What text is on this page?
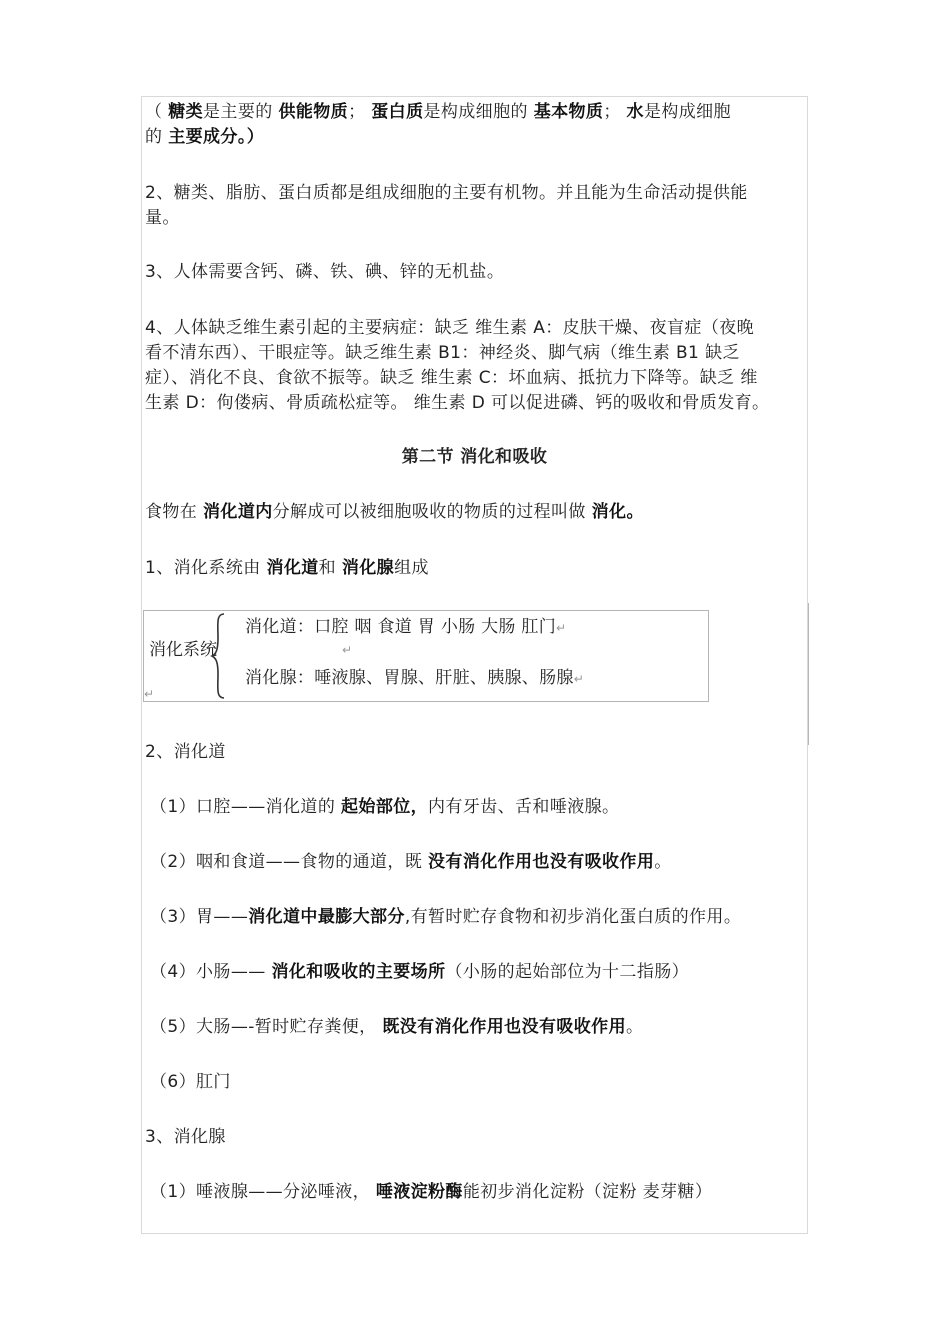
（ 糖类是主要的 供能物质； 蛋白质是构成细胞的 基本物质； 水是构成细胞
的 主要成分。）
2、糖类、脂肪、蛋白质都是组成细胞的主要有机物。并且能为生命活动提供能
量。
3、人体需要含钙、磷、铁、碘、锌的无机盐。
4、人体缺乏维生素引起的主要病症：缺乏 维生素 A：皮肤干燥、夜盲症（夜晚
看不清东西）、干眼症等。缺乏维生素 B1：神经炎、脚气病（维生素 B1 缺乏
症）、消化不良、食欲不振等。缺乏 维生素 C：坏血病、抵抗力下降等。缺乏 维
生素 D：佝偻病、骨质疏松症等。 维生素 D 可以促进磷、钙的吸收和骨质发育。
第二节 消化和吸收
食物在 消化道内分解成可以被细胞吸收的物质的过程叫做 消化。
1、消化系统由 消化道和 消化腺组成
消化系统
消化道：口腔 咽 食道 胃 小肠 大肠 肛门↵
↵
消化腺：唾液腺、胃腺、肝脏、胰腺、肠腺↵
↵
2、消化道
（1）口腔——消化道的 起始部位，内有牙齿、舌和唾液腺。
（2）咽和食道——食物的通道，既 没有消化作用也没有吸收作用。
（3）胃——消化道中最膨大部分,有暂时贮存食物和初步消化蛋白质的作用。
（4）小肠—— 消化和吸收的主要场所（小肠的起始部位为十二指肠）
（5）大肠—-暂时贮存粪便， 既没有消化作用也没有吸收作用。
（6）肛门
3、消化腺
（1）唾液腺——分泌唾液， 唾液淀粉酶能初步消化淀粉（淀粉 麦芽糖）
